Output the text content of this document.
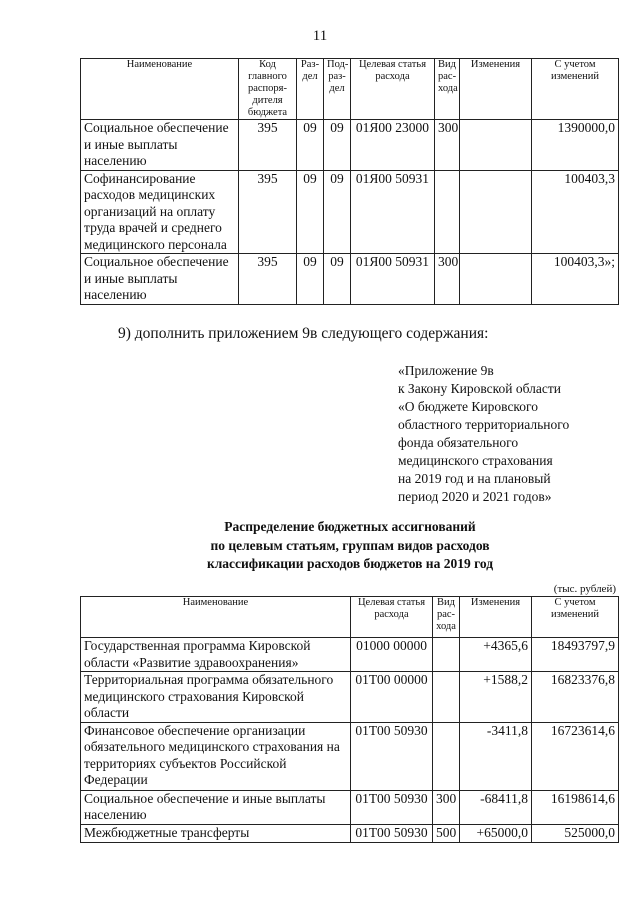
11
Наименование	Код главного распоря-дителя бюджета	Раз-дел	Под-раз-дел	Целевая статья расхода	Вид рас-хода	Изменения	С учетом изменений
Социальное обеспечение и иные выплаты населению	395	09	09	01Я00 23000	300		1390000,0
Софинансирование расходов медицинских организаций на оплату труда врачей и среднего медицинского персонала	395	09	09	01Я00 50931			100403,3
Социальное обеспечение и иные выплаты населению	395	09	09	01Я00 50931	300		100403,3»;
9) дополнить приложением 9в следующего содержания:
«Приложение 9в
к Закону Кировской области
«О бюджете Кировского
областного территориального
фонда обязательного
медицинского страхования
на 2019 год и на плановый
период 2020 и 2021 годов»
Распределение бюджетных ассигнований
по целевым статьям, группам видов расходов
классификации расходов бюджетов на 2019 год
(тыс. рублей)
Наименование	Целевая статья расхода	Вид рас-хода	Изменения	С учетом изменений
Государственная программа Кировской области «Развитие здравоохранения»	01000 00000		+4365,6	18493797,9
Территориальная программа обязательного медицинского страхования Кировской области	01Т00 00000		+1588,2	16823376,8
Финансовое обеспечение организации обязательного медицинского страхования на территориях субъектов Российской Федерации	01Т00 50930		-3411,8	16723614,6
Социальное обеспечение и иные выплаты населению	01Т00 50930	300	-68411,8	16198614,6
Межбюджетные трансферты	01Т00 50930	500	+65000,0	525000,0
